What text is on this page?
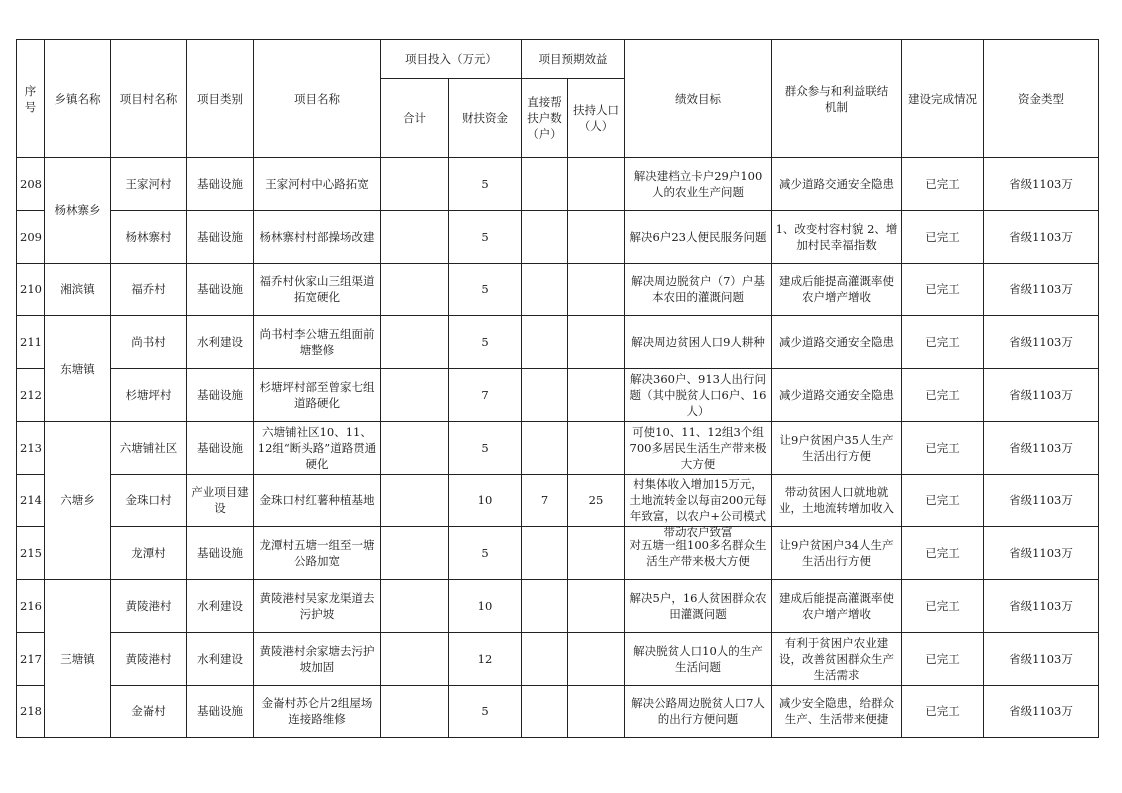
序号	乡镇名称	项目村名称	项目类别	项目名称	项目投入（万元）		项目预期效益		绩效目标	群众参与和利益联结机制	建设完成情况	资金类型
					合计	财扶资金	直接帮扶户数（户）	扶持人口（人）				
208	杨林寨乡	王家河村	基础设施	王家河村中心路拓宽		5			解决建档立卡户29户100人的农业生产问题	减少道路交通安全隐患	已完工	省级1103万
209		杨林寨村	基础设施	杨林寨村村部操场改建		5			解决6户23人便民服务问题	1、改变村容村貌 2、增加村民幸福指数	已完工	省级1103万
210	湘滨镇	福乔村	基础设施	福乔村伙家山三组渠道拓宽硬化		5			解决周边脱贫户（7）户基本农田的灌溉问题	建成后能提高灌溉率使农户增产增收	已完工	省级1103万
211	东塘镇	尚书村	水利建设	尚书村李公塘五组面前塘整修		5			解决周边贫困人口9人耕种	减少道路交通安全隐患	已完工	省级1103万
212		杉塘坪村	基础设施	杉塘坪村部至曾家七组道路硬化		7			解决360户、913人出行问题（其中脱贫人口6户、16人）	减少道路交通安全隐患	已完工	省级1103万
213	六塘乡	六塘铺社区	基础设施	六塘铺社区10、11、12组“断头路”道路贯通硬化		5			可使10、11、12组3个组700多居民生活生产带来极大方便	让9户贫困户35人生产生活出行方便	已完工	省级1103万
214		金珠口村	产业项目建设	金珠口村红薯种植基地		10	7	25	村集体收入增加15万元，土地流转金以每亩200元每年致富，以农户+公司模式带动农户致富	带动贫困人口就地就业，土地流转增加收入	已完工	省级1103万
215		龙潭村	基础设施	龙潭村五塘一组至一塘公路加宽		5			对五塘一组100多名群众生活生产带来极大方便	让9户贫困户34人生产生活出行方便	已完工	省级1103万
216	三塘镇	黄陵港村	水利建设	黄陵港村吴家龙渠道去污护坡		10			解决5户，16人贫困群众农田灌溉问题	建成后能提高灌溉率使农户增产增收	已完工	省级1103万
217		黄陵港村	水利建设	黄陵港村余家塘去污护坡加固		12			解决脱贫人口10人的生产生活问题	有利于贫困户农业建设，改善贫困群众生产生活需求	已完工	省级1103万
218		金崙村	基础设施	金崙村苏仑片2组屋场连接路维修		5			解决公路周边脱贫人口7人的出行方便问题	减少安全隐患，给群众生产、生活带来便捷	已完工	省级1103万
